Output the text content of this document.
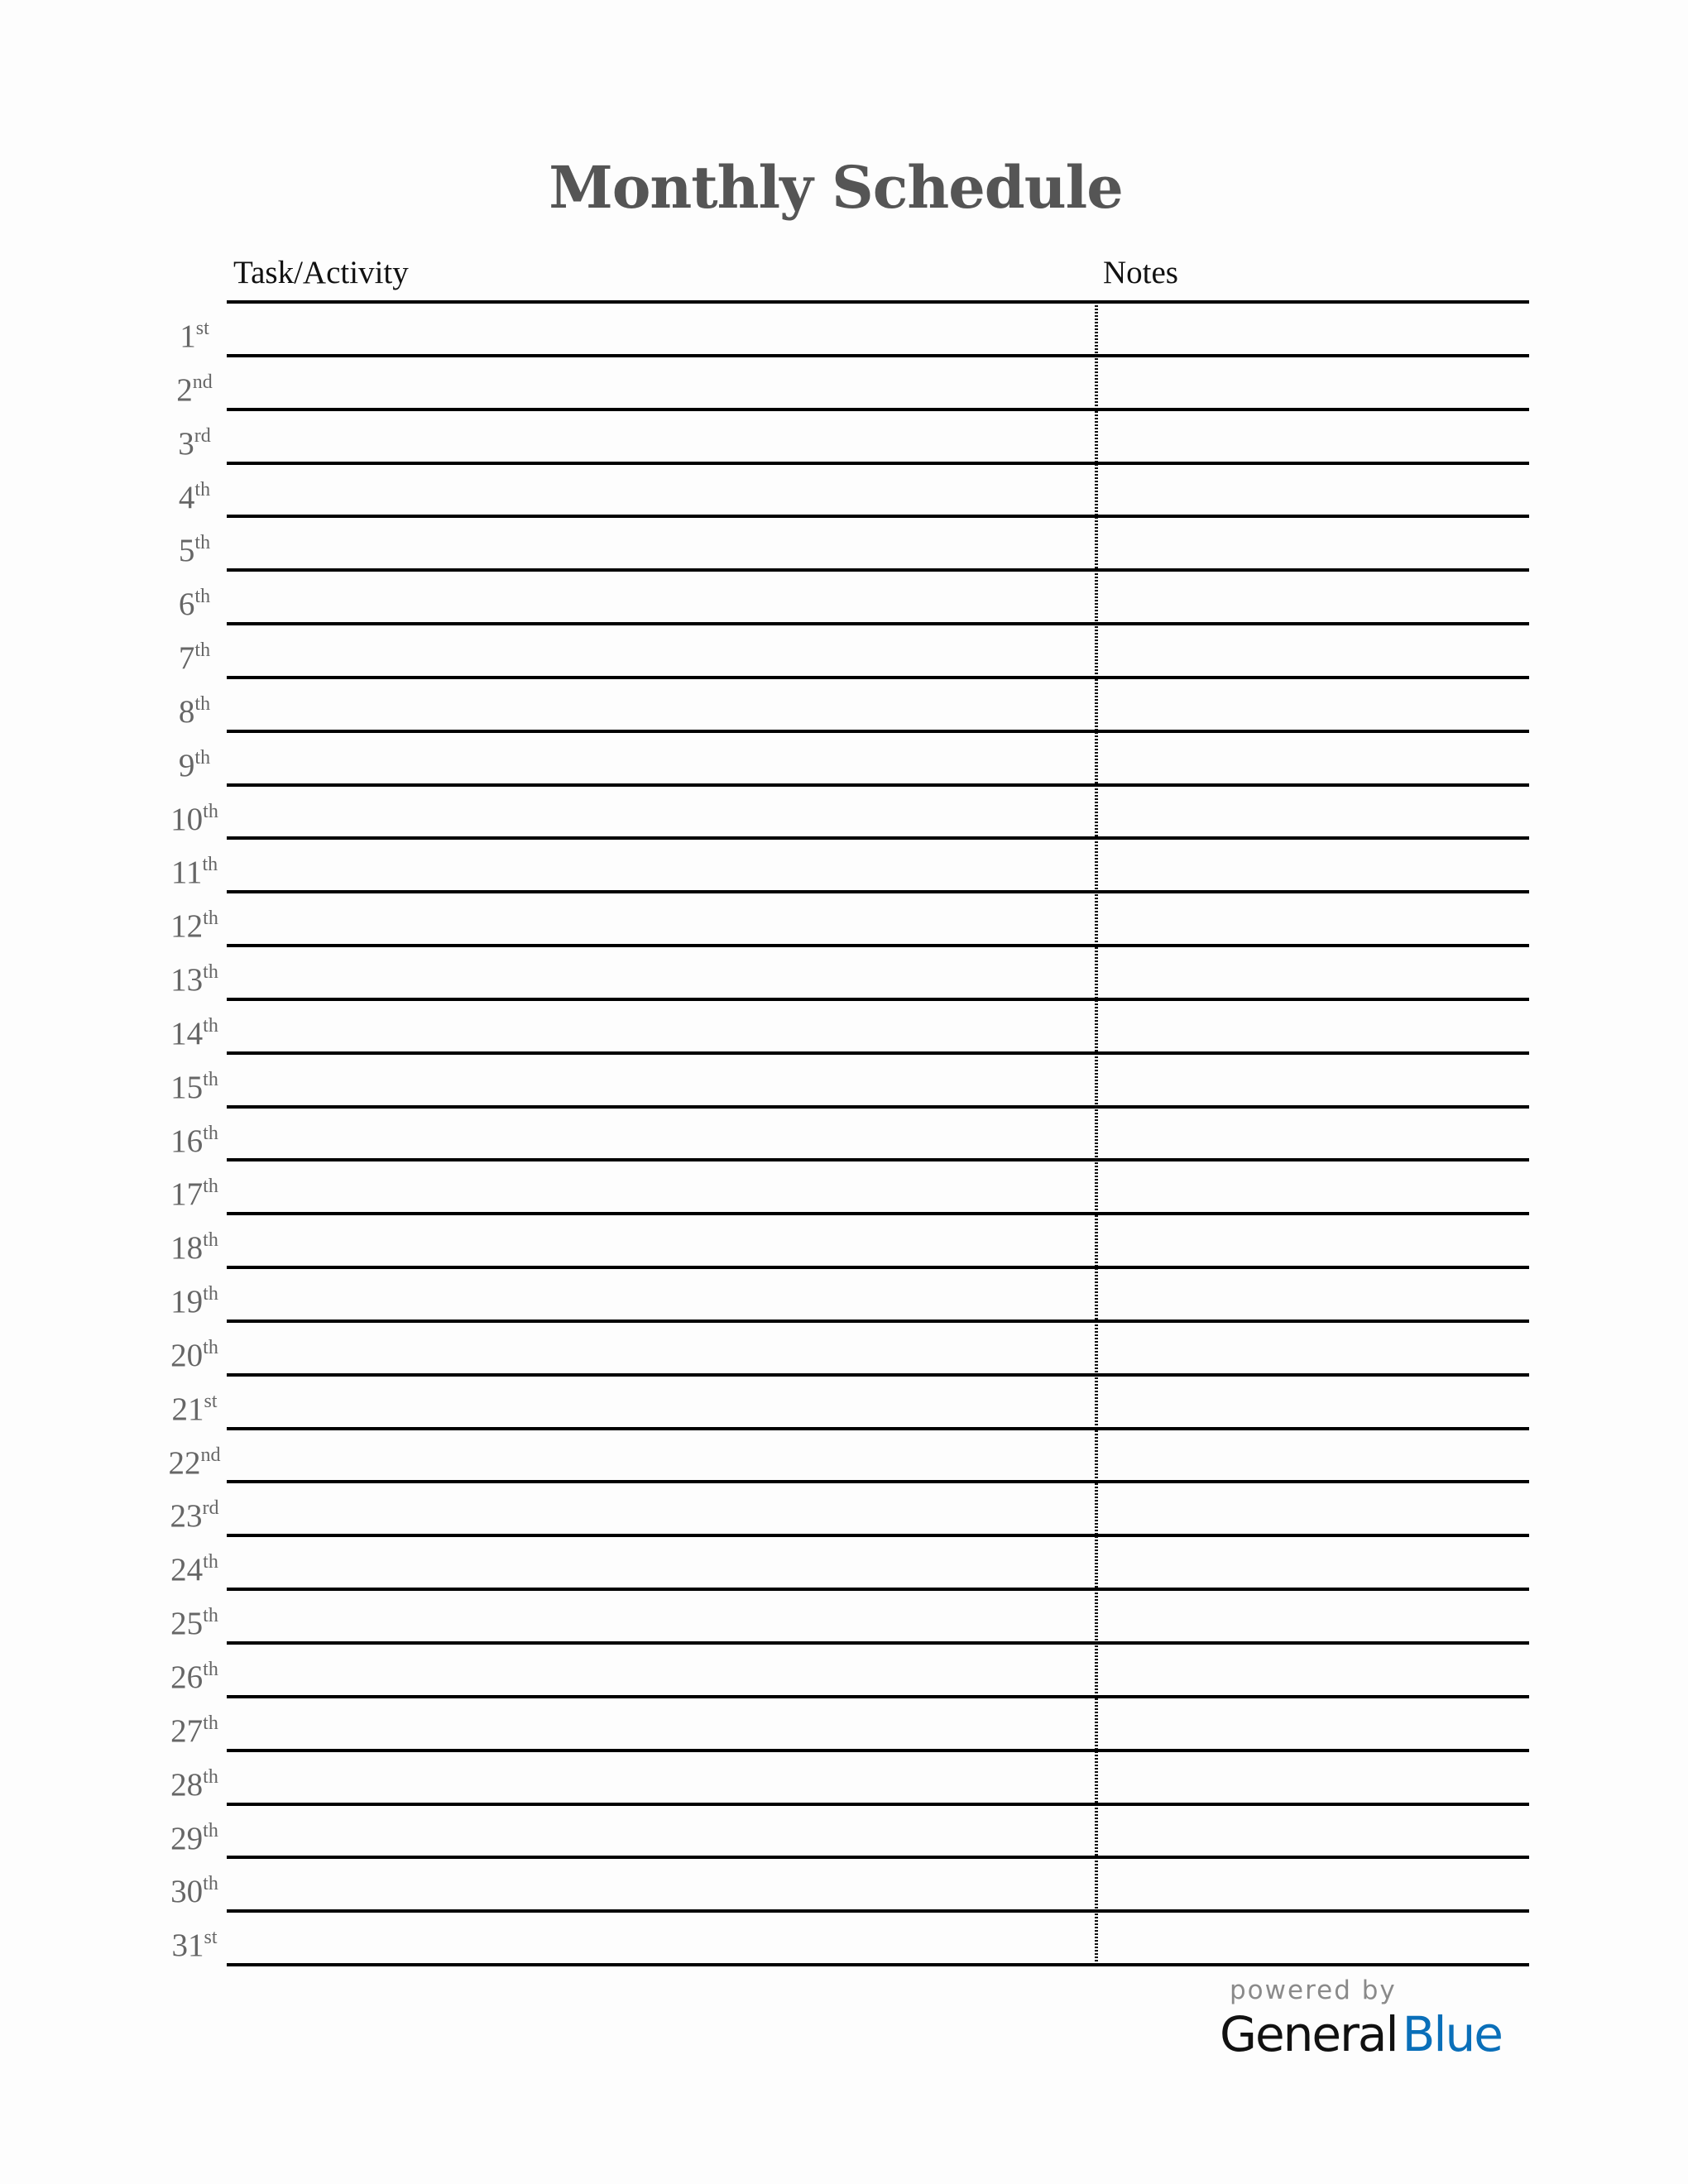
Monthly Schedule
Task/Activity	Notes
1st
2nd
3rd
4th
5th
6th
7th
8th
9th
10th
11th
12th
13th
14th
15th
16th
17th
18th
19th
20th
21st
22nd
23rd
24th
25th
26th
27th
28th
29th
30th
31st
powered by
General Blue
